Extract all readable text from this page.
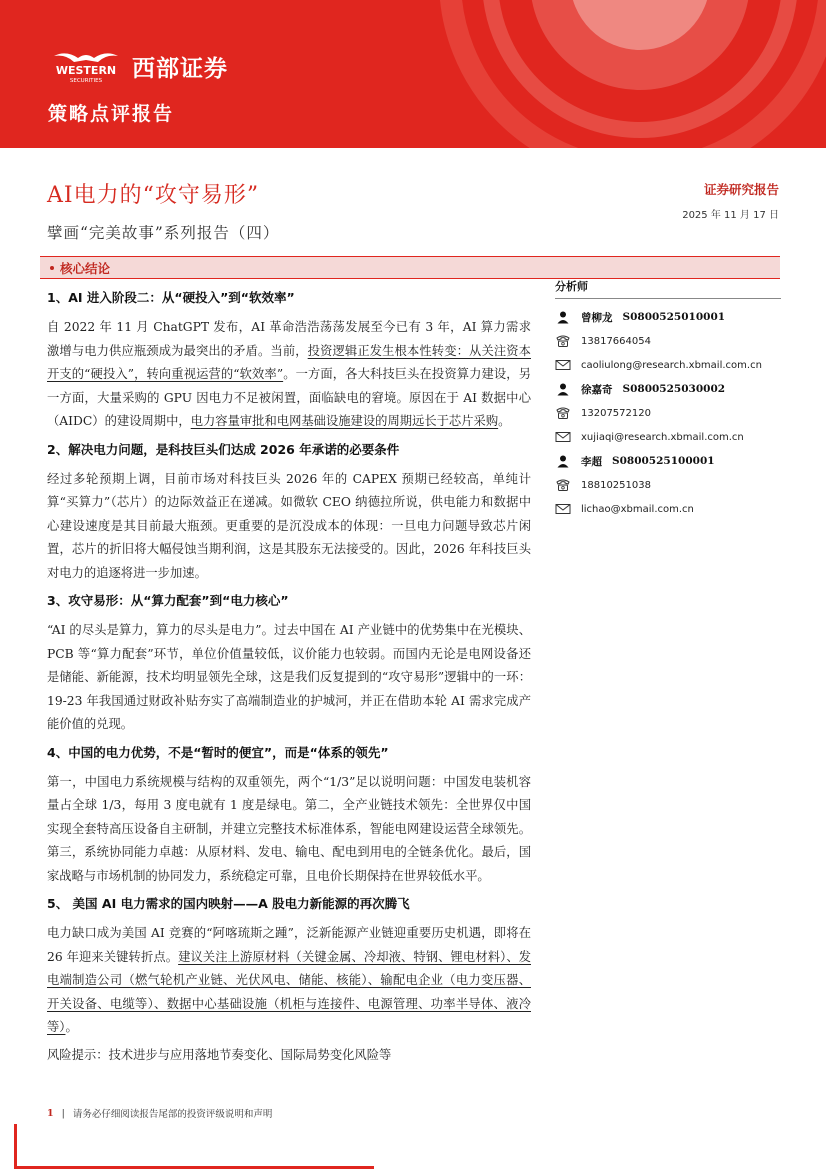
WESTERN
SECURITIES 西部证券
策略点评报告
AI电力的“攻守易形”
擘画“完美故事”系列报告（四）
证券研究报告
2025 年 11 月 17 日
核心结论
1、AI 进入阶段二：从“硬投入”到“软效率”
自 2022 年 11 月 ChatGPT 发布，AI 革命浩浩荡荡发展至今已有 3 年，AI 算力需求激增与电力供应瓶颈成为最突出的矛盾。当前，投资逻辑正发生根本性转变：从关注资本开支的“硬投入”，转向重视运营的“软效率”。一方面，各大科技巨头在投资算力建设，另一方面，大量采购的 GPU 因电力不足被闲置，面临缺电的窘境。原因在于 AI 数据中心（AIDC）的建设周期中，电力容量审批和电网基础设施建设的周期远长于芯片采购。
2、解决电力问题，是科技巨头们达成 2026 年承诺的必要条件
经过多轮预期上调，目前市场对科技巨头 2026 年的 CAPEX 预期已经较高，单纯计算“买算力”（芯片）的边际效益正在递减。如微软 CEO 纳德拉所说，供电能力和数据中心建设速度是其目前最大瓶颈。更重要的是沉没成本的体现：一旦电力问题导致芯片闲置，芯片的折旧将大幅侵蚀当期利润，这是其股东无法接受的。因此，2026 年科技巨头对电力的追逐将进一步加速。
3、攻守易形：从“算力配套”到“电力核心”
“AI 的尽头是算力，算力的尽头是电力”。过去中国在 AI 产业链中的优势集中在光模块、PCB 等“算力配套”环节，单位价值量较低，议价能力也较弱。而国内无论是电网设备还是储能、新能源，技术均明显领先全球，这是我们反复提到的“攻守易形”逻辑中的一环：19-23 年我国通过财政补贴夯实了高端制造业的护城河，并正在借助本轮 AI 需求完成产能价值的兑现。
4、中国的电力优势，不是“暂时的便宜”，而是“体系的领先”
第一，中国电力系统规模与结构的双重领先，两个“1/3”足以说明问题：中国发电装机容量占全球 1/3，每用 3 度电就有 1 度是绿电。第二，全产业链技术领先：全世界仅中国实现全套特高压设备自主研制，并建立完整技术标准体系，智能电网建设运营全球领先。第三，系统协同能力卓越：从原材料、发电、输电、配电到用电的全链条优化。最后，国家战略与市场机制的协同发力，系统稳定可靠，且电价长期保持在世界较低水平。
5、 美国 AI 电力需求的国内映射——A 股电力新能源的再次腾飞
电力缺口成为美国 AI 竞赛的“阿喀琉斯之踵”，泛新能源产业链迎重要历史机遇，即将在 26 年迎来关键转折点。建议关注上游原材料（关键金属、冷却液、特钢、锂电材料）、发电端制造公司（燃气轮机产业链、光伏风电、储能、核能）、输配电企业（电力变压器、开关设备、电缆等）、数据中心基础设施（机柜与连接件、电源管理、功率半导体、液冷等）。
风险提示：技术进步与应用落地节奏变化、国际局势变化风险等
分析师
曾柳龙 S0800525010001
13817664054
caoliulong@research.xbmail.com.cn
徐嘉奇 S0800525030002
13207572120
xujiaqi@research.xbmail.com.cn
李超 S0800525100001
18810251038
lichao@xbmail.com.cn
1 | 请务必仔细阅读报告尾部的投资评级说明和声明
